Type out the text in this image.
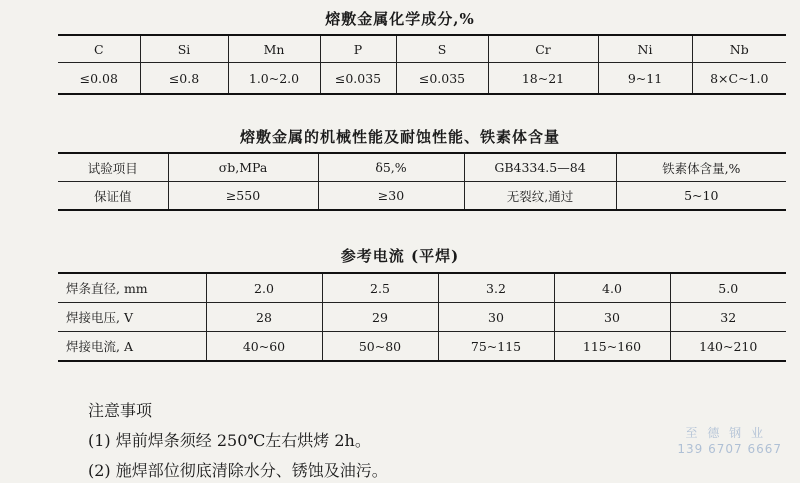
熔敷金属化学成分,%
C	Si	Mn	P	S	Cr	Ni	Nb
≤0.08	≤0.8	1.0~2.0	≤0.035	≤0.035	18~21	9~11	8×C~1.0
熔敷金属的机械性能及耐蚀性能、铁素体含量
试验项目	σb,MPa	δ5,%	GB4334.5—84	铁素体含量,%
保证值	≥550	≥30	无裂纹,通过	5~10
参考电流 (平焊)
焊条直径, mm	2.0	2.5	3.2	4.0	5.0
焊接电压, V	28	29	30	30	32
焊接电流, A	40~60	50~80	75~115	115~160	140~210
注意事项
(1) 焊前焊条须经 250℃左右烘烤 2h。
(2) 施焊部位彻底清除水分、锈蚀及油污。
至 德 钢 业
139 6707 6667
